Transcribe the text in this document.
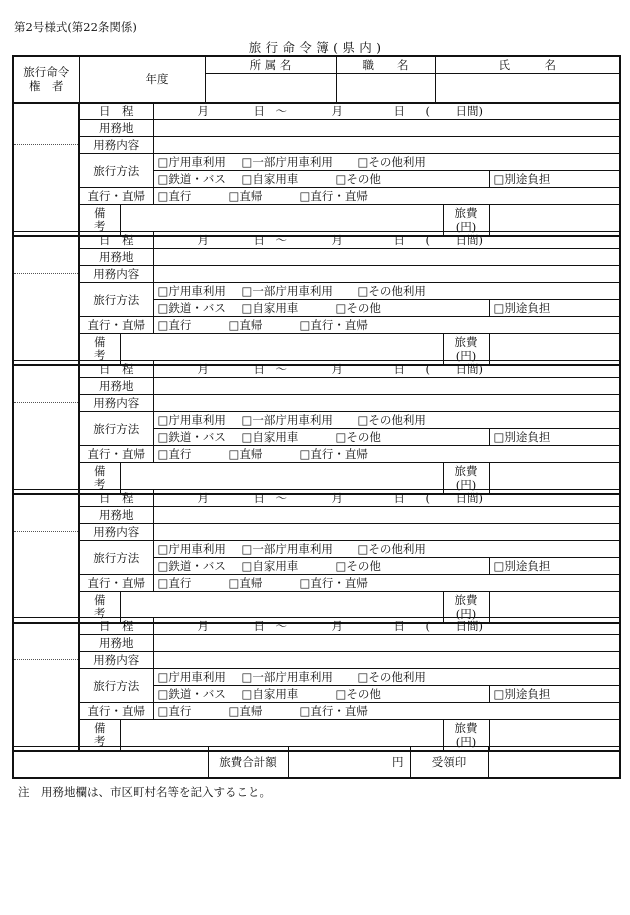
第2号様式(第22条関係)
旅 行 命 令 簿 ( 県 内 )
旅行命令
権　者	年度	所 属 名	職　　名	氏　　　名

	日　程		月 日 ～ 月 日 ( 日間)		
	用務地				
	用務内容				
	旅行方法		□庁用車利用 □一部庁用車利用 □その他利用		
			□鉄道・バス □自家用車 □その他		□別途負担
	直行・直帰		□直行 □直帰 □直行・直帰		
	備
考			旅費
(円)	
	日　程		月 日 ～ 月 日 ( 日間)		
	用務地				
	用務内容				
	旅行方法		□庁用車利用 □一部庁用車利用 □その他利用		
			□鉄道・バス □自家用車 □その他		□別途負担
	直行・直帰		□直行 □直帰 □直行・直帰		
	備
考			旅費
(円)	
	日　程		月 日 ～ 月 日 ( 日間)		
	用務地				
	用務内容				
	旅行方法		□庁用車利用 □一部庁用車利用 □その他利用		
			□鉄道・バス □自家用車 □その他		□別途負担
	直行・直帰		□直行 □直帰 □直行・直帰		
	備
考			旅費
(円)	
	日　程		月 日 ～ 月 日 ( 日間)		
	用務地				
	用務内容				
	旅行方法		□庁用車利用 □一部庁用車利用 □その他利用		
			□鉄道・バス □自家用車 □その他		□別途負担
	直行・直帰		□直行 □直帰 □直行・直帰		
	備
考			旅費
(円)	
	日　程		月 日 ～ 月 日 ( 日間)		
	用務地				
	用務内容				
	旅行方法		□庁用車利用 □一部庁用車利用 □その他利用		
			□鉄道・バス □自家用車 □その他		□別途負担
	直行・直帰		□直行 □直帰 □直行・直帰		
	備
考			旅費
(円)	
	旅費合計額	円	受領印	
注　用務地欄は、市区町村名等を記入すること。
